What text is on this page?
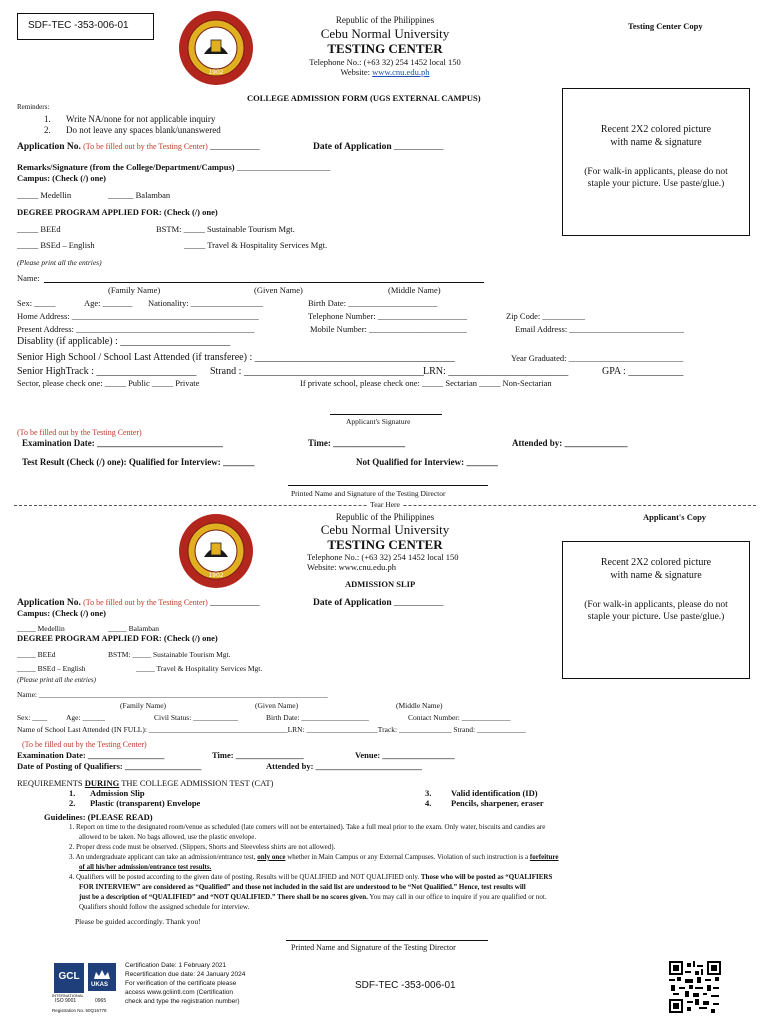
SDF-TEC -353-006-01
1902
Republic of the Philippines
Cebu Normal University
TESTING CENTER
Telephone No.: (+63 32) 254 1452 local 150
Website: www.cnu.edu.ph
Testing Center Copy
COLLEGE ADMISSION FORM (UGS EXTERNAL CAMPUS)
Recent 2X2 colored picture
with name & signature
(For walk-in applicants, please do not staple your picture. Use paste/glue.)
Reminders:
1. Write NA/none for not applicable inquiry
2. Do not leave any spaces blank/unanswered
Application No. (To be filled out by the Testing Center) ___________	Date of Application ___________
Remarks/Signature (from the College/Department/Campus) ______________________
Campus: (Check (/) one)
_____ Medellin	______ Balamban
DEGREE PROGRAM APPLIED FOR: (Check (/) one)
_____ BEEd	BSTM: _____ Sustainable Tourism Mgt.
_____ BSEd – English	_____ Travel & Hospitality Services Mgt.
(Please print all the entries)
Name:
(Family Name)	(Given Name)	(Middle Name)
Sex: _____	Age: _______ Nationality: _________________	Birth Date: _____________________
Home Address: ____________________________________________	Telephone Number: _____________________	Zip Code: __________
Present Address: __________________________________________	Mobile Number: _______________________	Email Address: ___________________________
Disablity (if applicable) : ______________________
Senior High School / School Last Attended (if transferee) : ________________________________________	Year Graduated: ___________________________
Senior HighTrack : ____________________ Strand : ____________________________________ LRN: ________________________	GPA : ___________
Sector, please check one: _____ Public _____ Private	If private school, please check one: _____ Sectarian _____ Non-Sectarian
Applicant's Signature
(To be filled out by the Testing Center)
Examination Date: ____________________________	Time: ________________	Attended by: ______________
Test Result (Check (/) one): Qualified for Interview: _______	Not Qualified for Interview: _______
Printed Name and Signature of the Testing Director
Tear Here
Applicant's Copy
1902
Republic of the Philippines
Cebu Normal University
TESTING CENTER
Telephone No.: (+63 32) 254 1452 local 150
Website: www.cnu.edu.ph
ADMISSION SLIP
Recent 2X2 colored picture
with name & signature
(For walk-in applicants, please do not staple your picture. Use paste/glue.)
Application No. (To be filled out by the Testing Center) ___________	Date of Application ___________
Campus: (Check (/) one)
_____ Medellin	_____ Balamban
DEGREE PROGRAM APPLIED FOR: (Check (/) one)
_____ BEEd	BSTM: _____ Sustainable Tourism Mgt.
_____ BSEd – English	_____ Travel & Hospitality Services Mgt.
(Please print all the entries)
Name: _____________________________________________________________________________
(Family Name)	(Given Name)	(Middle Name)
Sex: ____	Age: ______	Civil Status: ____________	Birth Date: __________________	Contact Number: _____________
Name of School Last Attended (IN FULL): _____________________________________LRN: ___________________Track: ______________ Strand: _____________
(To be filled out by the Testing Center)
Examination Date: __________________	Time: ________________	Venue: _________________
Date of Posting of Qualifiers: __________________	Attended by: _________________________
REQUIREMENTS DURING THE COLLEGE ADMISSION TEST (CAT)
1. Admission Slip
2. Plastic (transparent) Envelope
3. Valid identification (ID)
4. Pencils, sharpener, eraser
Guidelines: (PLEASE READ)
1. Report on time to the designated room/venue as scheduled (late comers will not be entertained). Take a full meal prior to the exam. Only water, biscuits and candies are
allowed to be taken. No bags allowed, use the plastic envelope.
2. Proper dress code must be observed. (Slippers, Shorts and Sleeveless shirts are not allowed).
3. An undergraduate applicant can take an admission/entrance test, only once whether in Main Campus or any External Campuses. Violation of such instruction is a forfeiture
of all his/her admission/entrance test results.
4. Qualifiers will be posted according to the given date of posting. Results will be QUALIFIED and NOT QUALIFIED only. Those who will be posted as “QUALIFIERS
FOR INTERVIEW” are considered as “Qualified” and those not included in the said list are understood to be “Not Qualified.” Hence, test results will
just be a description of “QUALIFIED” and “NOT QUALIFIED.” There shall be no scores given. You may call in our office to inquire if you are qualified or not.
Qualifiers should follow the assigned schedule for interview.
Please be guided accordingly. Thank you!
Printed Name and Signature of the Testing Director
GCL
INTERNATIONAL
UKAS
ISO 9001	0965
Registration No. 50Q16778
Certification Date: 1 February 2021
Recertification due date: 24 January 2024
For verification of the certificate please
access www.gcliintl.com (Certification
check and type the registration number)
SDF-TEC -353-006-01
